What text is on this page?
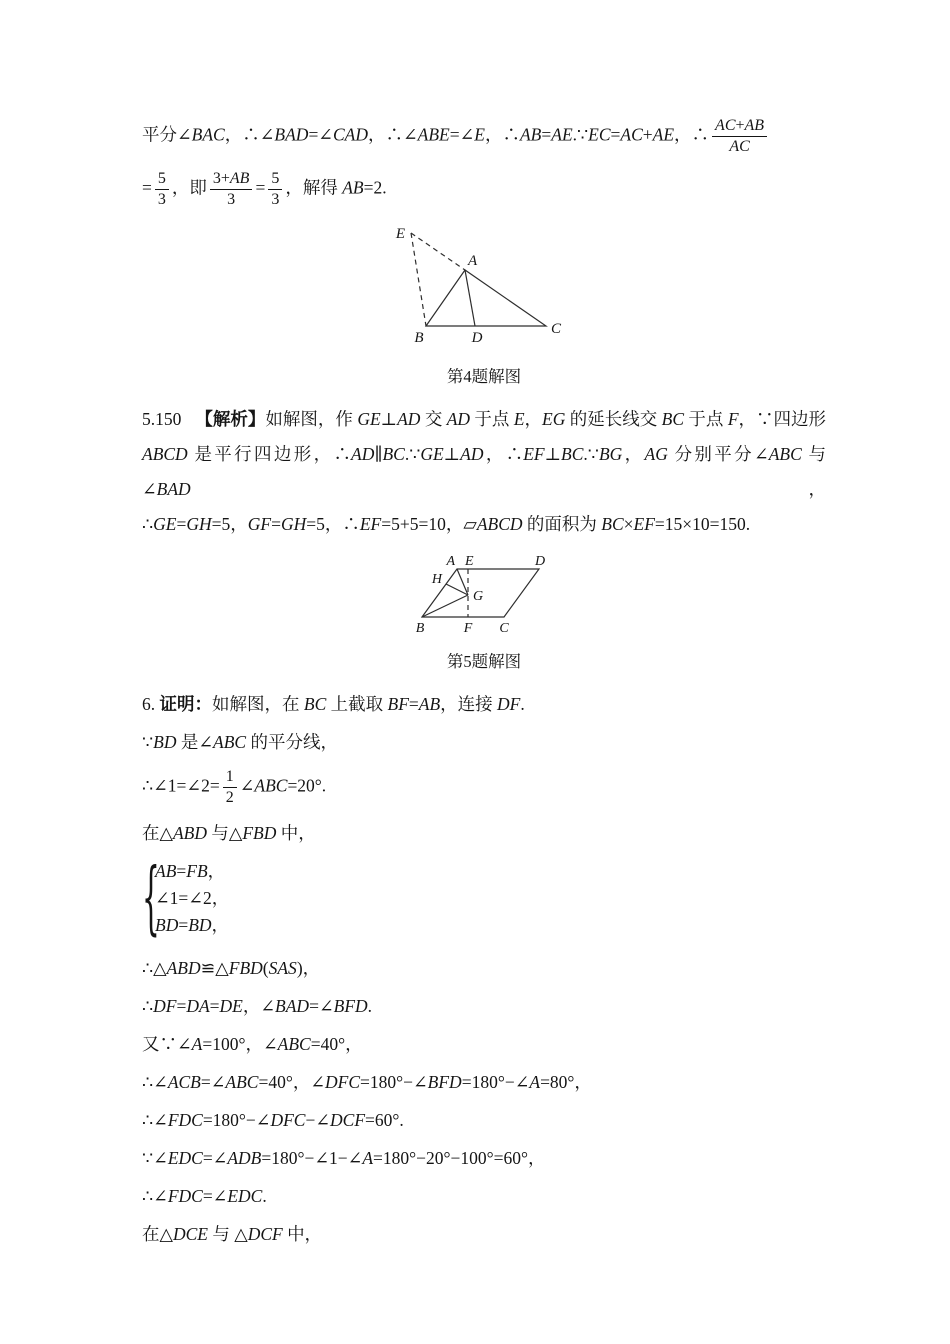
平分∠BAC，∴∠BAD=∠CAD，∴∠ABE=∠E，∴AB=AE.∵EC=AC+AE，∴ $\frac{AC+AB}{AC}$
= $\frac{5}{3}$ ，即 $\frac{3+AB}{3} = \frac{5}{3}$ ，解得 AB=2.
E
A
B	D
C
第4题解图
5.150 【解析】如解图，作 GE⊥AD 交 AD 于点 E，EG 的延长线交 BC 于点 F，∵四边形
ABCD 是平行四边形，∴AD∥BC.∵GE⊥AD，∴EF⊥BC.∵BG，AG 分别平分∠ABC 与∠BAD，
∴GE=GH=5，GF=GH=5，∴EF=5+5=10，▱ABCD 的面积为 BC×EF=15×10=150.
A E	D
H
G
B	F C
第5题解图
6. 证明：如解图，在 BC 上截取 BF=AB，连接 DF.
∵BD 是∠ABC 的平分线，
∴∠1=∠2= $\frac{1}{2}$ ∠ABC=20°.
在△ABD 与△FBD 中，
{
AB=FB，
∠1=∠2，
BD=BD，
∴△ABD≌△FBD(SAS)，
∴DF=DA=DE，∠BAD=∠BFD.
又∵∠A=100°，∠ABC=40°，
∴∠ACB=∠ABC=40°，∠DFC=180°−∠BFD=180°−∠A=80°，
∴∠FDC=180°−∠DFC−∠DCF=60°.
∵∠EDC=∠ADB=180°−∠1−∠A=180°−20°−100°=60°，
∴∠FDC=∠EDC.
在△DCE 与 △DCF 中，
